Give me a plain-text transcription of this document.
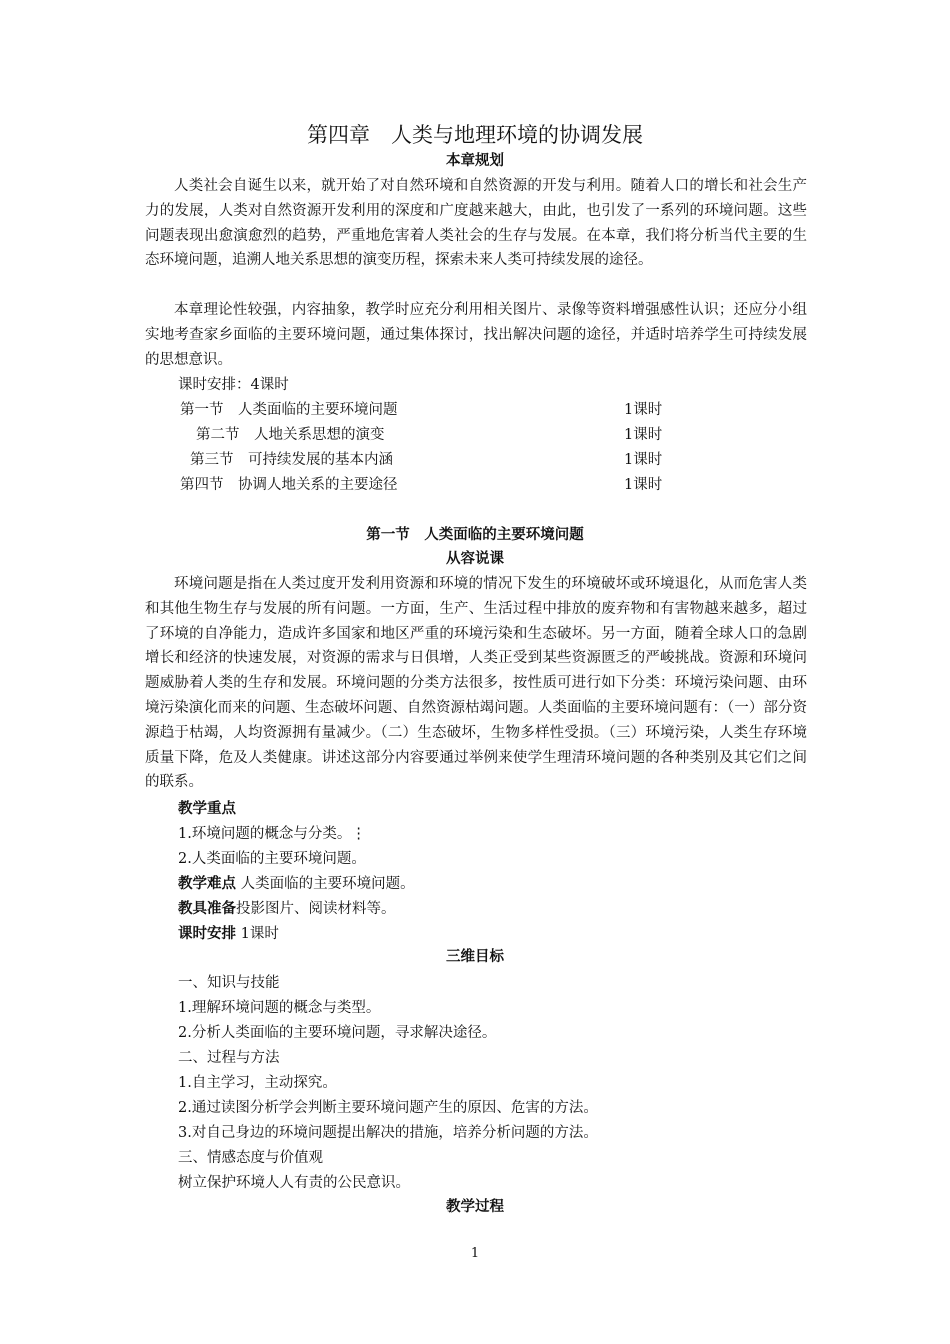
第四章　人类与地理环境的协调发展
本章规划

人类社会自诞生以来，就开始了对自然环境和自然资源的开发与利用。随着人口的增长和社会生产力的发展，人类对自然资源开发利用的深度和广度越来越大，由此，也引发了一系列的环境问题。这些问题表现出愈演愈烈的趋势，严重地危害着人类社会的生存与发展。在本章，我们将分析当代主要的生态环境问题，追溯人地关系思想的演变历程，探索未来人类可持续发展的途径。

本章理论性较强，内容抽象，教学时应充分利用相关图片、录像等资料增强感性认识；还应分小组实地考查家乡面临的主要环境问题，通过集体探讨，找出解决问题的途径，并适时培养学生可持续发展的思想意识。

课时安排：4课时
第一节　人类面临的主要环境问题	1课时
第二节　人地关系思想的演变	1课时
第三节　可持续发展的基本内涵	1课时
第四节　协调人地关系的主要途径	1课时
第一节　人类面临的主要环境问题
从容说课

环境问题是指在人类过度开发利用资源和环境的情况下发生的环境破坏或环境退化，从而危害人类和其他生物生存与发展的所有问题。一方面，生产、生活过程中排放的废弃物和有害物越来越多，超过了环境的自净能力，造成许多国家和地区严重的环境污染和生态破坏。另一方面，随着全球人口的急剧增长和经济的快速发展，对资源的需求与日俱增，人类正受到某些资源匮乏的严峻挑战。资源和环境问题威胁着人类的生存和发展。环境问题的分类方法很多，按性质可进行如下分类：环境污染问题、由环境污染演化而来的问题、生态破坏问题、自然资源枯竭问题。人类面临的主要环境问题有：（一）部分资源趋于枯竭，人均资源拥有量减少。（二）生态破坏，生物多样性受损。（三）环境污染，人类生存环境质量下降，危及人类健康。讲述这部分内容要通过举例来使学生理清环境问题的各种类别及其它们之间的联系。

教学重点
1.环境问题的概念与分类。⋮
2.人类面临的主要环境问题。
教学难点 人类面临的主要环境问题。
教具准备投影图片、阅读材料等。
课时安排 1课时
三维目标
一、知识与技能
1.理解环境问题的概念与类型。
2.分析人类面临的主要环境问题，寻求解决途径。
二、过程与方法
1.自主学习，主动探究。
2.通过读图分析学会判断主要环境问题产生的原因、危害的方法。
3.对自己身边的环境问题提出解决的措施，培养分析问题的方法。
三、情感态度与价值观
树立保护环境人人有责的公民意识。
教学过程
1
